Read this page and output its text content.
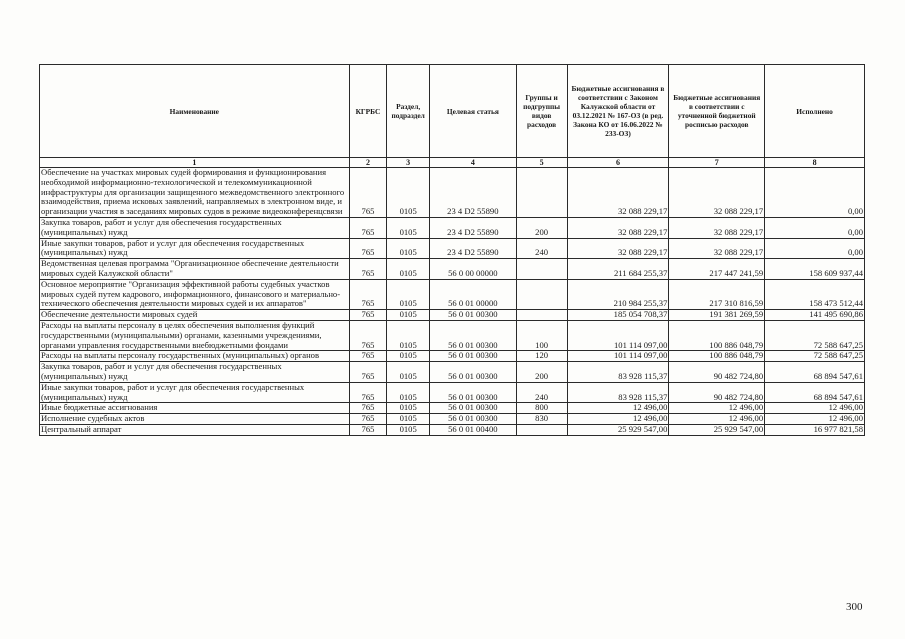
Наименование	КГРБС	Раздел, подраздел	Целевая статья	Группы и подгруппы видов расходов	Бюджетные ассигнования в соответствии с Законом Калужской области от 03.12.2021 № 167-ОЗ (в ред. Закона КО от 16.06.2022 № 233-ОЗ)	Бюджетные ассигнования в соответствии с уточненной бюджетной росписью расходов	Исполнено
1	2	3	4	5	6	7	8
Обеспечение на участках мировых судей формирования и функционирования необходимой информационно-технологической и телекоммуникационной инфраструктуры для организации защищенного межведомственного электронного взаимодействия, приема исковых заявлений, направляемых в электронном виде, и организации участия в заседаниях мировых судов в режиме видеоконференцсвязи	765	0105	23 4 D2 55890		32 088 229,17	32 088 229,17	0,00
Закупка товаров, работ и услуг для обеспечения государственных (муниципальных) нужд	765	0105	23 4 D2 55890	200	32 088 229,17	32 088 229,17	0,00
Иные закупки товаров, работ и услуг для обеспечения государственных (муниципальных) нужд	765	0105	23 4 D2 55890	240	32 088 229,17	32 088 229,17	0,00
Ведомственная целевая программа "Организационное обеспечение деятельности мировых судей Калужской области"	765	0105	56 0 00 00000		211 684 255,37	217 447 241,59	158 609 937,44
Основное мероприятие "Организация эффективной работы судебных участков мировых судей путем кадрового, информационного, финансового и материально-технического обеспечения деятельности мировых судей и их аппаратов"	765	0105	56 0 01 00000		210 984 255,37	217 310 816,59	158 473 512,44
Обеспечение деятельности мировых судей	765	0105	56 0 01 00300		185 054 708,37	191 381 269,59	141 495 690,86
Расходы на выплаты персоналу в целях обеспечения выполнения функций государственными (муниципальными) органами, казенными учреждениями, органами управления государственными внебюджетными фондами	765	0105	56 0 01 00300	100	101 114 097,00	100 886 048,79	72 588 647,25
Расходы на выплаты персоналу государственных (муниципальных) органов	765	0105	56 0 01 00300	120	101 114 097,00	100 886 048,79	72 588 647,25
Закупка товаров, работ и услуг для обеспечения государственных (муниципальных) нужд	765	0105	56 0 01 00300	200	83 928 115,37	90 482 724,80	68 894 547,61
Иные закупки товаров, работ и услуг для обеспечения государственных (муниципальных) нужд	765	0105	56 0 01 00300	240	83 928 115,37	90 482 724,80	68 894 547,61
Иные бюджетные ассигнования	765	0105	56 0 01 00300	800	12 496,00	12 496,00	12 496,00
Исполнение судебных актов	765	0105	56 0 01 00300	830	12 496,00	12 496,00	12 496,00
Центральный аппарат	765	0105	56 0 01 00400		25 929 547,00	25 929 547,00	16 977 821,58
300
